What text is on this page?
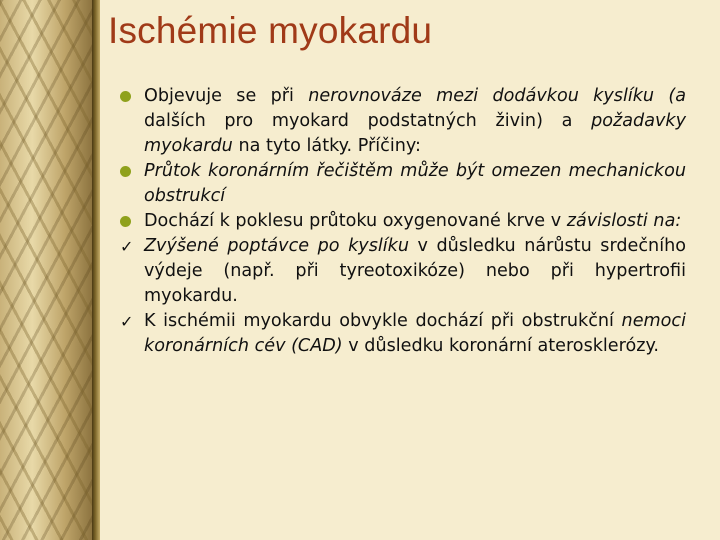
Ischémie myokardu
Objevuje se při nerovnováze mezi dodávkou kyslíku (a dalších pro myokard podstatných živin) a požadavky myokardu na tyto látky. Příčiny:
Průtok koronárním řečištěm může být omezen mechanickou obstrukcí
Dochází k poklesu průtoku oxygenované krve v závislosti na:
✓ Zvýšené poptávce po kyslíku v důsledku nárůstu srdečního výdeje (např. při tyreotoxikóze) nebo při hypertrofii myokardu.
✓ K ischémii myokardu obvykle dochází při obstrukční nemoci koronárních cév (CAD) v důsledku koronární aterosklerózy.
